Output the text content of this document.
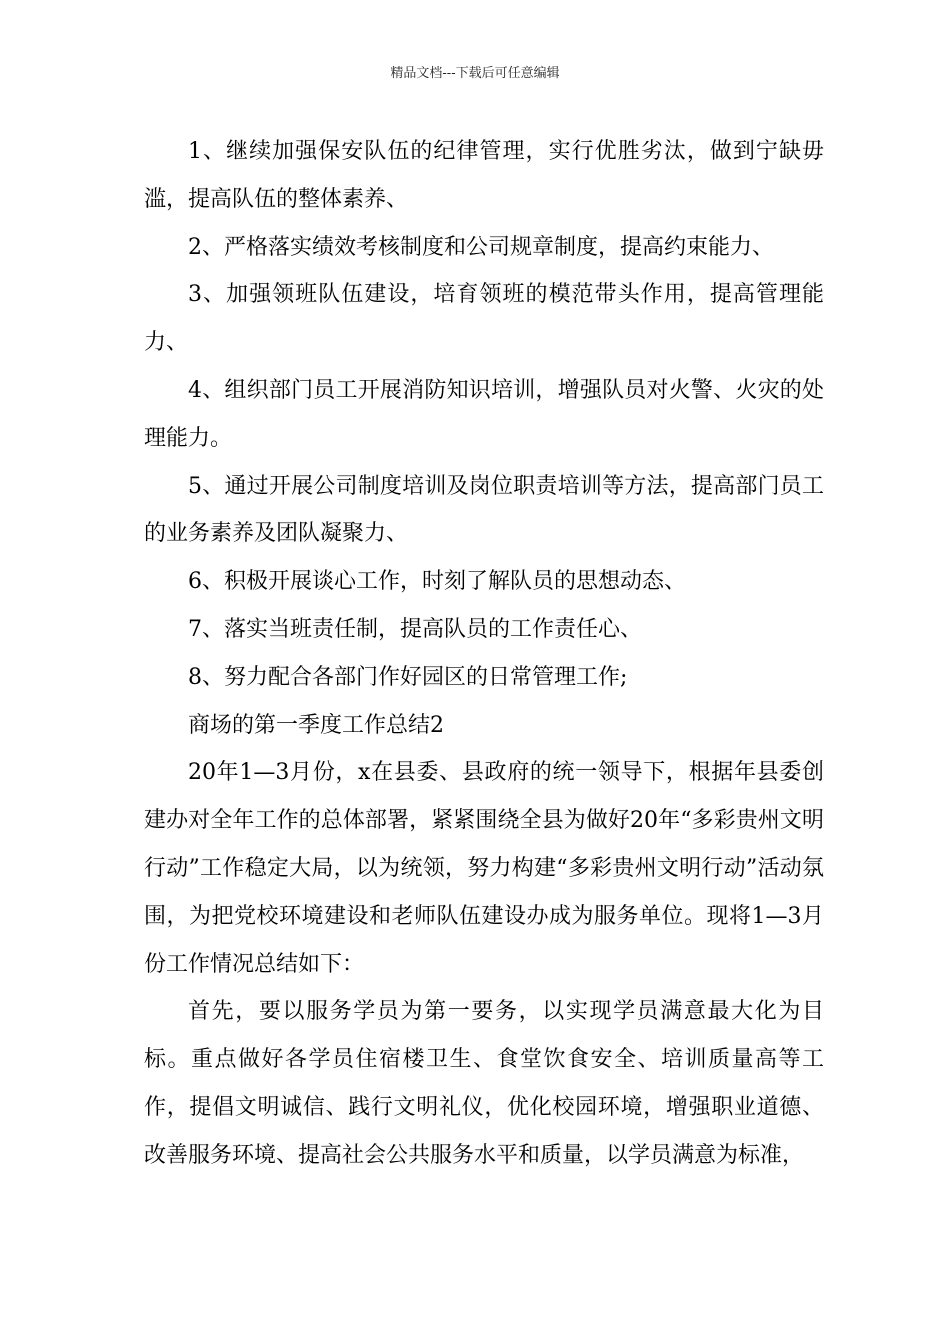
精品文档---下载后可任意编辑

1、继续加强保安队伍的纪律管理，实行优胜劣汰，做到宁缺毋滥，提高队伍的整体素养、

2、严格落实绩效考核制度和公司规章制度，提高约束能力、

3、加强领班队伍建设，培育领班的模范带头作用，提高管理能力、

4、组织部门员工开展消防知识培训，增强队员对火警、火灾的处理能力。

5、通过开展公司制度培训及岗位职责培训等方法，提高部门员工的业务素养及团队凝聚力、

6、积极开展谈心工作，时刻了解队员的思想动态、

7、落实当班责任制，提高队员的工作责任心、

8、努力配合各部门作好园区的日常管理工作;

商场的第一季度工作总结2

20年1—3月份，x在县委、县政府的统一领导下，根据年县委创建办对全年工作的总体部署，紧紧围绕全县为做好20年“多彩贵州文明行动”工作稳定大局，以为统领，努力构建“多彩贵州文明行动”活动氛围，为把党校环境建设和老师队伍建设办成为服务单位。现将1—3月份工作情况总结如下：

首先，要以服务学员为第一要务，以实现学员满意最大化为目标。重点做好各学员住宿楼卫生、食堂饮食安全、培训质量高等工作，提倡文明诚信、践行文明礼仪，优化校园环境，增强职业道德、改善服务环境、提高社会公共服务水平和质量，以学员满意为标准，
